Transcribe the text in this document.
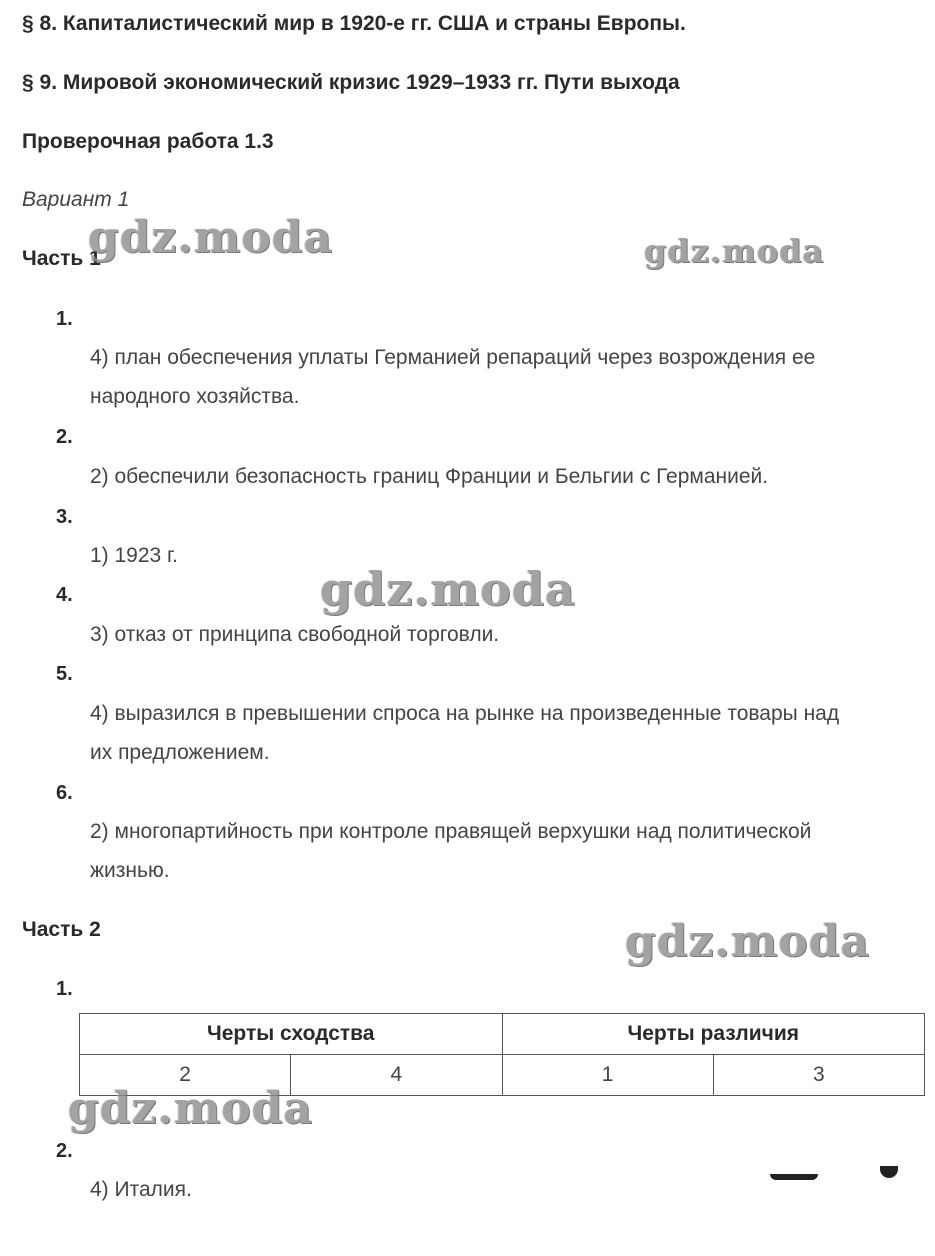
§ 8. Капиталистический мир в 1920-е гг. США и страны Европы.
§ 9. Мировой экономический кризис 1929–1933 гг. Пути выхода
Проверочная работа 1.3
Вариант 1
Часть 1
1.
4) план обеспечения уплаты Германией репараций через возрождения ее
народного хозяйства.
2.
2) обеспечили безопасность границ Франции и Бельгии с Германией.
3.
1) 1923 г.
4.
3) отказ от принципа свободной торговли.
5.
4) выразился в превышении спроса на рынке на произведенные товары над
их предложением.
6.
2) многопартийность при контроле правящей верхушки над политической
жизнью.
Часть 2
1.
Черты сходства		Черты различия	
2	4	1	3
2.
4) Италия.
gdz.moda	gdz.moda
gdz.moda
gdz.moda
gdz.moda
